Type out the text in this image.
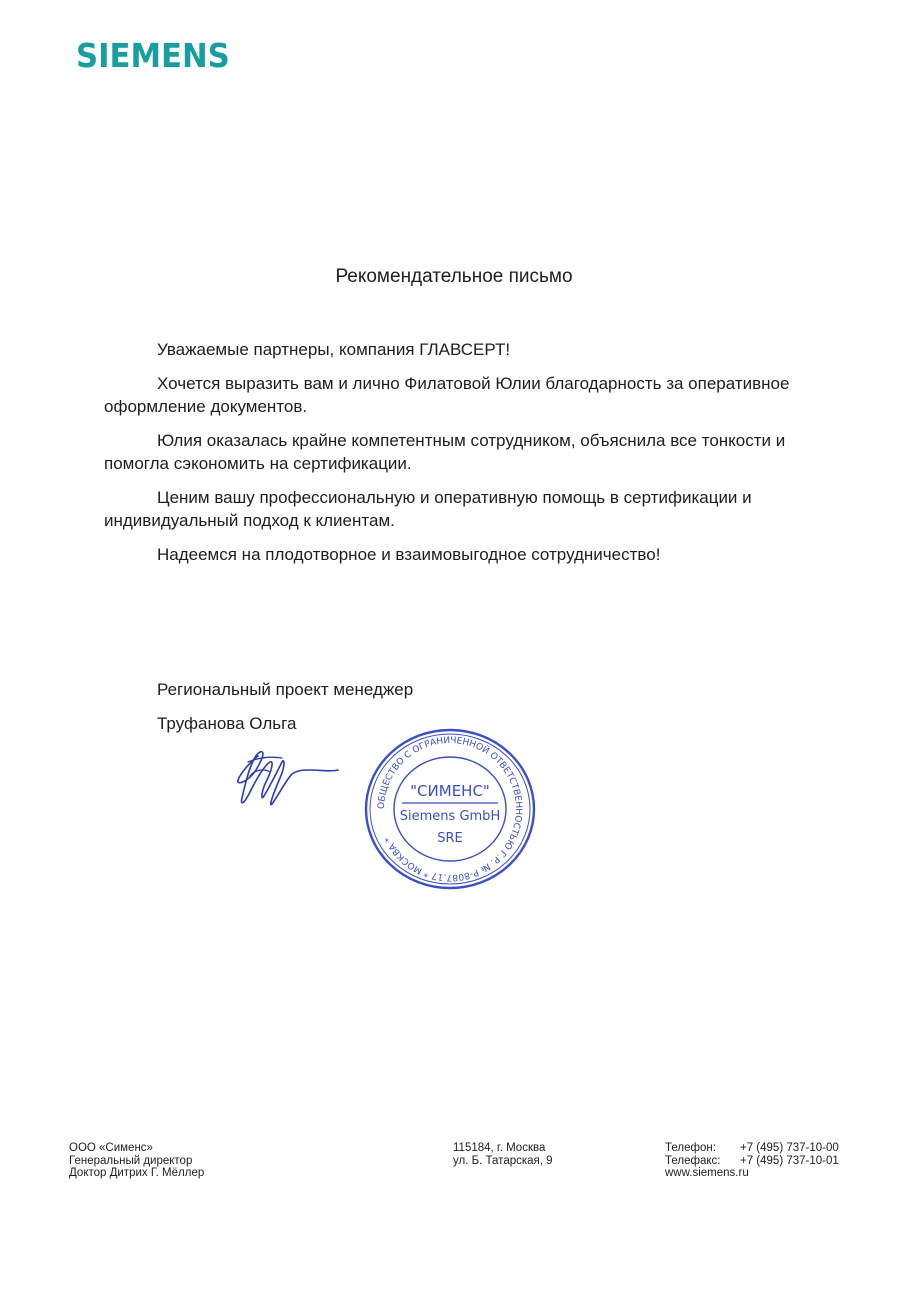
SIEMENS
Рекомендательное письмо

Уважаемые партнеры, компания ГЛАВСЕРТ!

Хочется выразить вам и лично Филатовой Юлии благодарность за оперативное оформление документов.

Юлия оказалась крайне компетентным сотрудником, объяснила все тонкости и помогла сэкономить на сертификации.

Ценим вашу профессиональную и оперативную помощь в сертификации и индивидуальный подход к клиентам.

Надеемся на плодотворное и взаимовыгодное сотрудничество!

Региональный проект менеджер
Труфанова Ольга
ОБЩЕСТВО С ОГРАНИЧЕННОЙ ОТВЕТСТВЕННОСТЬЮ Г.Р. № Р-8087.17 * МОСКВА *
"СИМЕНС"
Siemens GmbH
SRE
ООО «Сименс»
Генеральный директор
Доктор Дитрих Г. Мёллер
115184, г. Москва
ул. Б. Татарская, 9
Телефон:	+7 (495) 737-10-00
Телефакс:	+7 (495) 737-10-01
www.siemens.ru
